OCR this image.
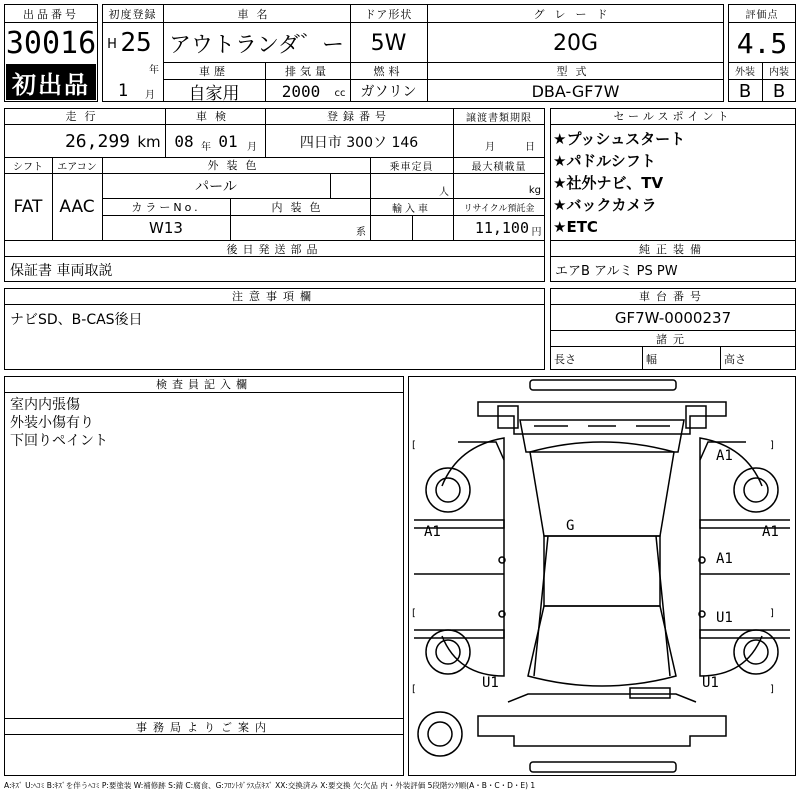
出品番号
30016
初出品
初度登録
H 25
年
1	月
車名
アウトランダ゛ー
ドア形状
5W
グレード
20G
車歴
自家用
排気量
2000	cc
燃料
ガソリン
型式
DBA-GF7W
評価点
4.5
外装	内装
B	B
走行
26,299 km
車検
08 年 01 月
登録番号
四日市 300ソ 146
譲渡書類期限
月	日
シフト
FAT
エアコン
AAC
外装色
パール
乗車定員
人
最大積載量
kg
カラーNo.
W13
内装色
系
輸入車	リサイクル預託金
11,100 円
後日発送部品
保証書 車両取説
セールスポイント
★プッシュスタート
★パドルシフト
★社外ナビ、TV
★バックカメラ
★ETC
純正装備
エアB アルミ PS PW
注意事項欄
ナビSD、B-CAS後日
車台番号
GF7W-0000237
諸元
長さ	幅	高さ
検査員記入欄
室内内張傷
外装小傷有り
下回りペイント
事務局よりご案内
[	]
[	]
[	]
A1
A1	A1
A1
G
U1
U1	U1
A:ｷｽﾞ U:ﾍｺﾐ B:ｷｽﾞを伴うﾍｺﾐ P:要塗装 W:補修跡 S:錆 C:腐食、G:ﾌﾛﾝﾄｶﾞﾗｽ点ｷｽﾞ XX:交換済み X:要交換 欠:欠品 内・外装評価 5段階ﾗﾝｸ順(A・B・C・D・E) 1
